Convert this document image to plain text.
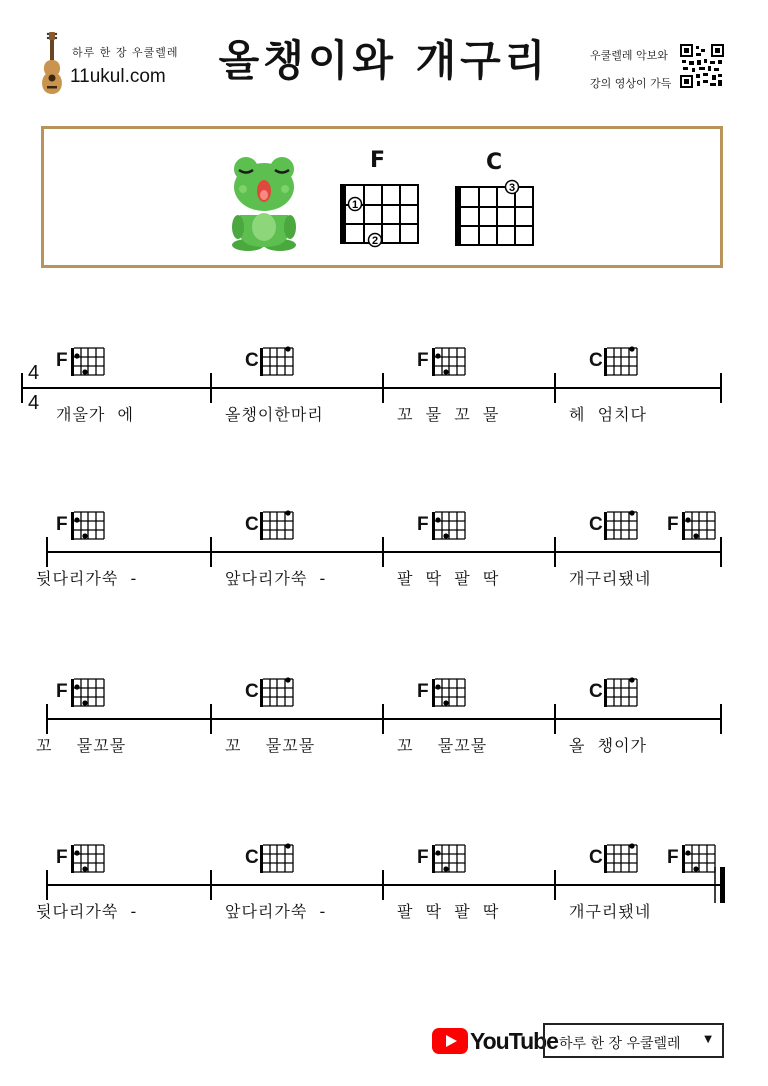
하루 한 장 우쿨렐레
11ukul.com	올챙이와 개구리	우쿨렐레 악보와
강의 영상이 가득
F
1
2
C
3
4
4
F
개울가  에
C
올챙이한마리
F
꼬  물  꼬  물
C
헤  엄치다
F
뒷다리가쑥  -
C
앞다리가쑥  -
F
팔  딱  팔  딱
C	F
개구리됐네
F
꼬    물꼬물
C
꼬    물꼬물
F
꼬    물꼬물
C
올  챙이가
F
뒷다리가쑥  -
C
앞다리가쑥  -
F
팔  딱  팔  딱
C	F
개구리됐네
YouTube 하루 한 장 우쿨렐레 ▼
